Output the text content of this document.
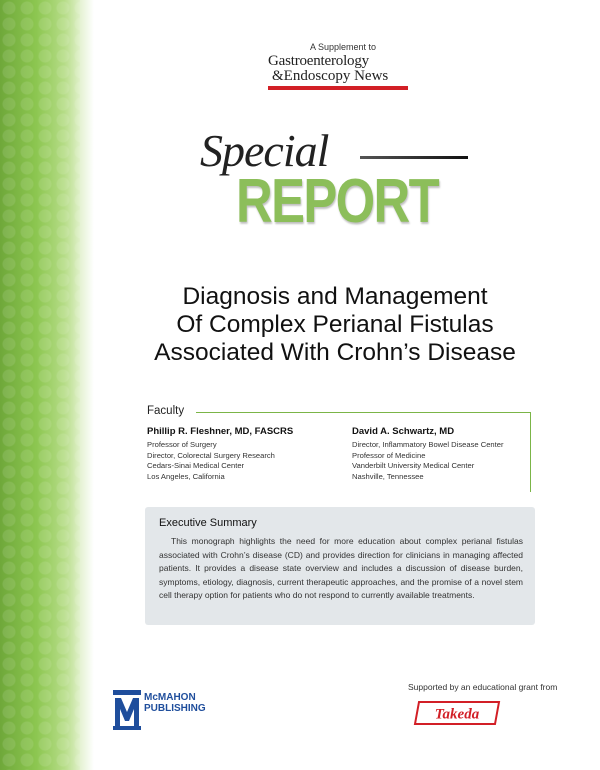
A Supplement to
Gastroenterology
&Endoscopy News
Special
REPORT
Diagnosis and Management
Of Complex Perianal Fistulas
Associated With Crohn’s Disease
Faculty
Phillip R. Fleshner, MD, FASCRS
Professor of Surgery
Director, Colorectal Surgery Research
Cedars-Sinai Medical Center
Los Angeles, California
David A. Schwartz, MD
Director, Inflammatory Bowel Disease Center
Professor of Medicine
Vanderbilt University Medical Center
Nashville, Tennessee
Executive Summary
This monograph highlights the need for more education about complex perianal fistulas associated with Crohn’s disease (CD) and provides direction for clinicians in managing affected patients. It provides a disease state overview and includes a discussion of disease burden, symptoms, etiology, diagnosis, current therapeutic approaches, and the promise of a novel stem cell therapy option for patients who do not respond to currently available treatments.
McMAHON
PUBLISHING
Supported by an educational grant from
Takeda
